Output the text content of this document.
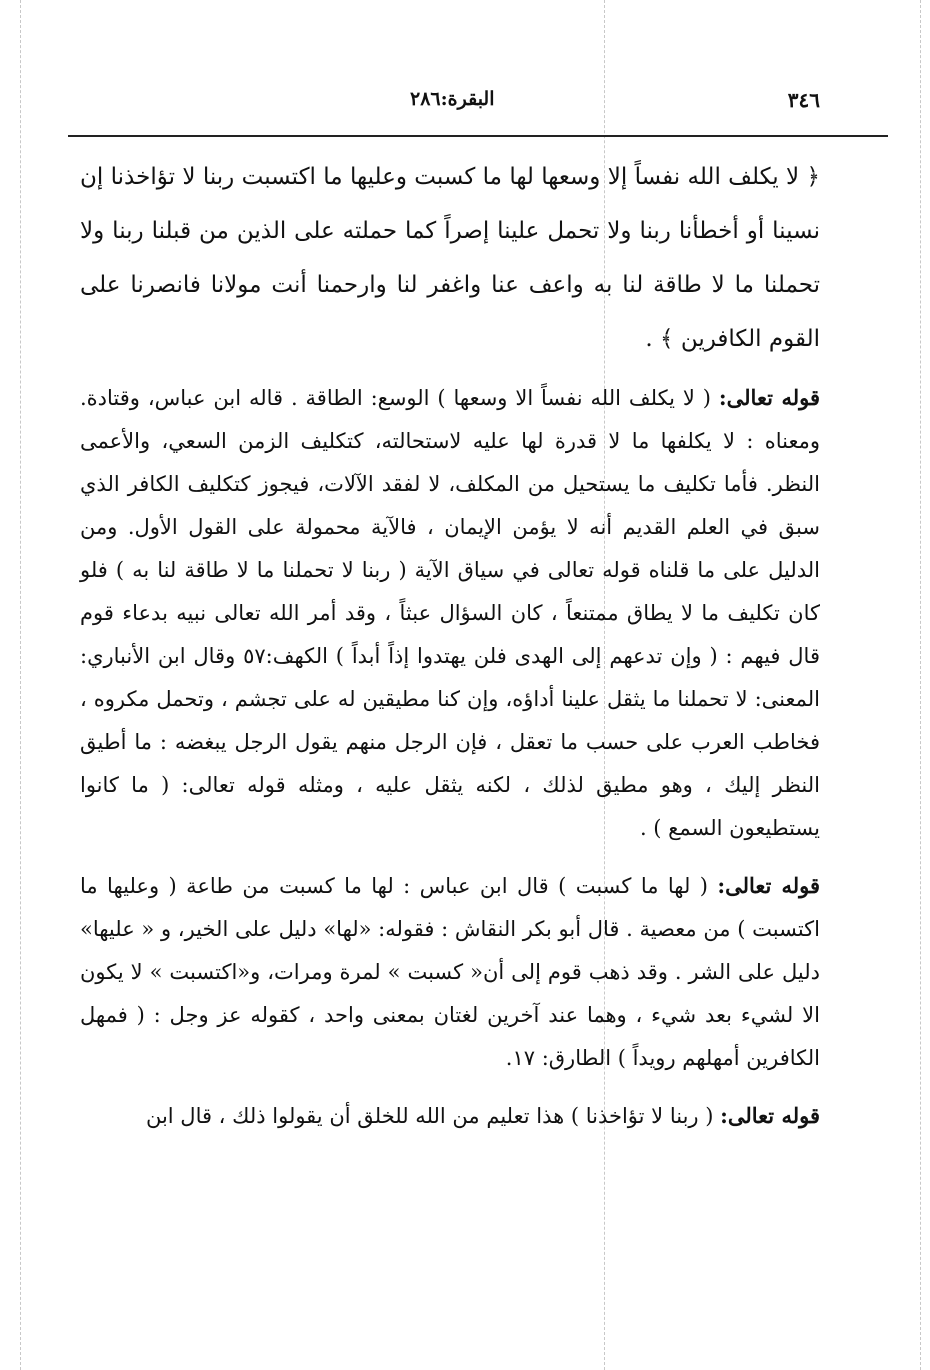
٣٤٦
البقرة:٢٨٦

﴿ لا يكلف الله نفساً إلا وسعها لها ما كسبت وعليها ما اكتسبت ربنا لا تؤاخذنا إن نسينا أو أخطأنا ربنا ولا تحمل علينا إصراً كما حملته على الذين من قبلنا ربنا ولا تحملنا ما لا طاقة لنا به واعف عنا واغفر لنا وارحمنا أنت مولانا فانصرنا على القوم الكافرين ﴾ .

قوله تعالى: ( لا يكلف الله نفساً الا وسعها ) الوسع: الطاقة . قاله ابن عباس، وقتادة. ومعناه : لا يكلفها ما لا قدرة لها عليه لاستحالته، كتكليف الزمن السعي، والأعمى النظر. فأما تكليف ما يستحيل من المكلف، لا لفقد الآلات، فيجوز كتكليف الكافر الذي سبق في العلم القديم أنه لا يؤمن الإيمان ، فالآية محمولة على القول الأول. ومن الدليل على ما قلناه قوله تعالى في سياق الآية ( ربنا لا تحملنا ما لا طاقة لنا به ) فلو كان تكليف ما لا يطاق ممتنعاً ، كان السؤال عبثاً ، وقد أمر الله تعالى نبيه بدعاء قوم قال فيهم : ( وإن تدعهم إلى الهدى فلن يهتدوا إذاً أبداً ) الكهف:٥٧ وقال ابن الأنباري: المعنى: لا تحملنا ما يثقل علينا أداؤه، وإن كنا مطيقين له على تجشم ، وتحمل مكروه ، فخاطب العرب على حسب ما تعقل ، فإن الرجل منهم يقول الرجل يبغضه : ما أطيق النظر إليك ، وهو مطيق لذلك ، لكنه يثقل عليه ، ومثله قوله تعالى: ( ما كانوا يستطيعون السمع ) .

قوله تعالى: ( لها ما كسبت ) قال ابن عباس : لها ما كسبت من طاعة ( وعليها ما اكتسبت ) من معصية . قال أبو بكر النقاش : فقوله: «لها» دليل على الخير، و « عليها» دليل على الشر . وقد ذهب قوم إلى أن« كسبت » لمرة ومرات، و«اكتسبت » لا يكون الا لشيء بعد شيء ، وهما عند آخرين لغتان بمعنى واحد ، كقوله عز وجل : ( فمهل الكافرين أمهلهم رويداً ) الطارق: ١٧.

قوله تعالى: ( ربنا لا تؤاخذنا ) هذا تعليم من الله للخلق أن يقولوا ذلك ، قال ابن
